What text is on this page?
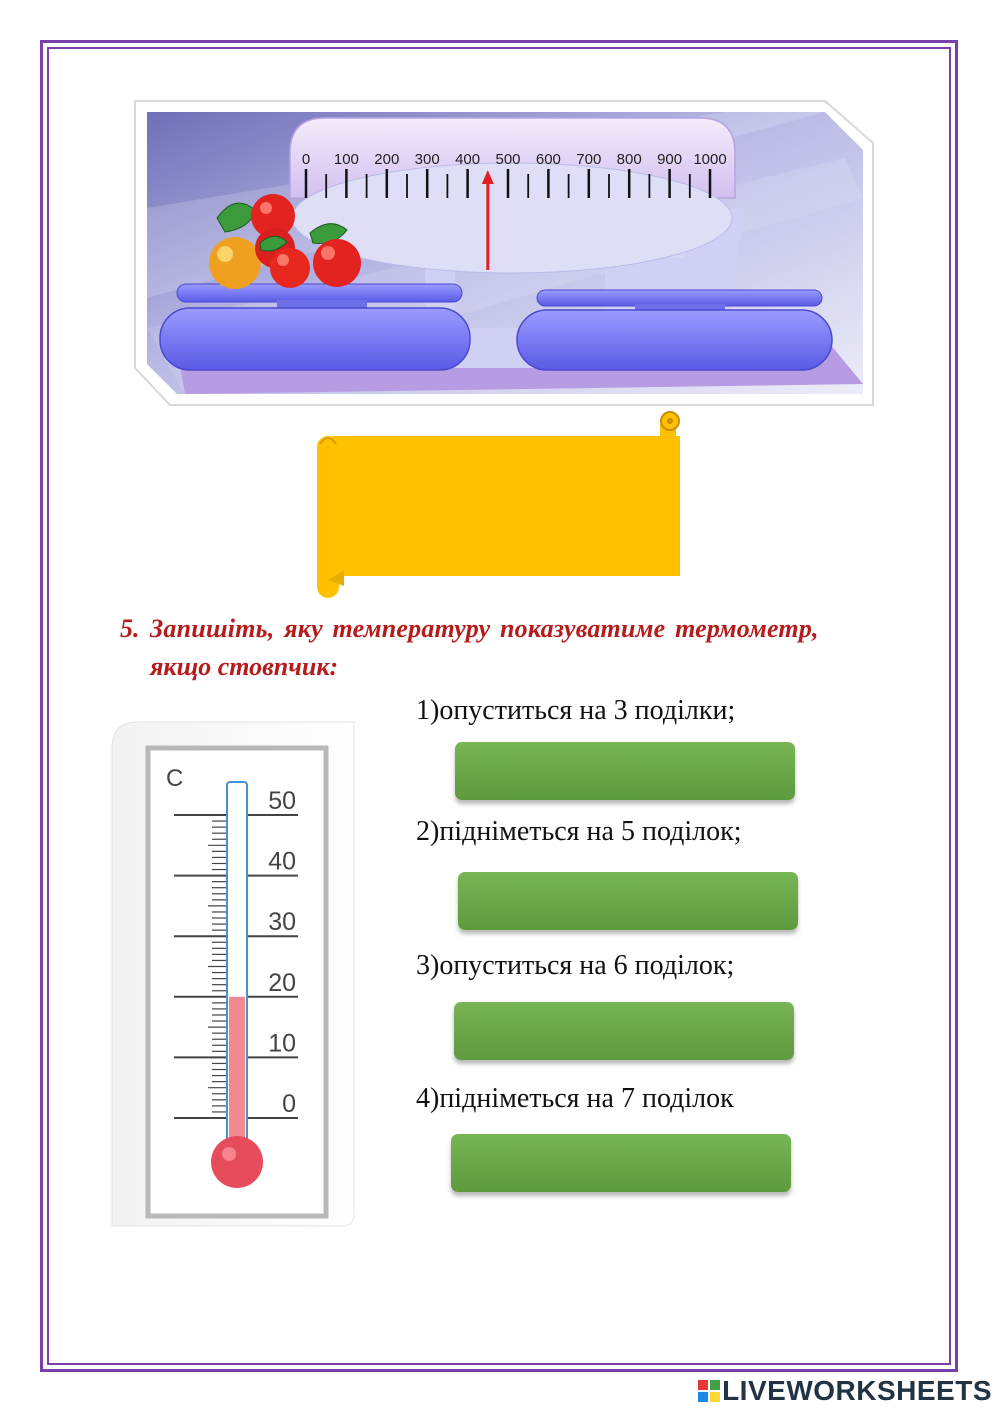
0 100 200 300 400 500 600 700 800 900 1000
5. Запишіть, яку температуру показуватиме термометр,
якщо стовпчик:
C
50
40
30
20
10
0
1)опуститься на 3 поділки;
2)підніметься на 5 поділок;
3)опуститься на 6 поділок;
4)підніметься на 7 поділок
LIVEWORKSHEETS
